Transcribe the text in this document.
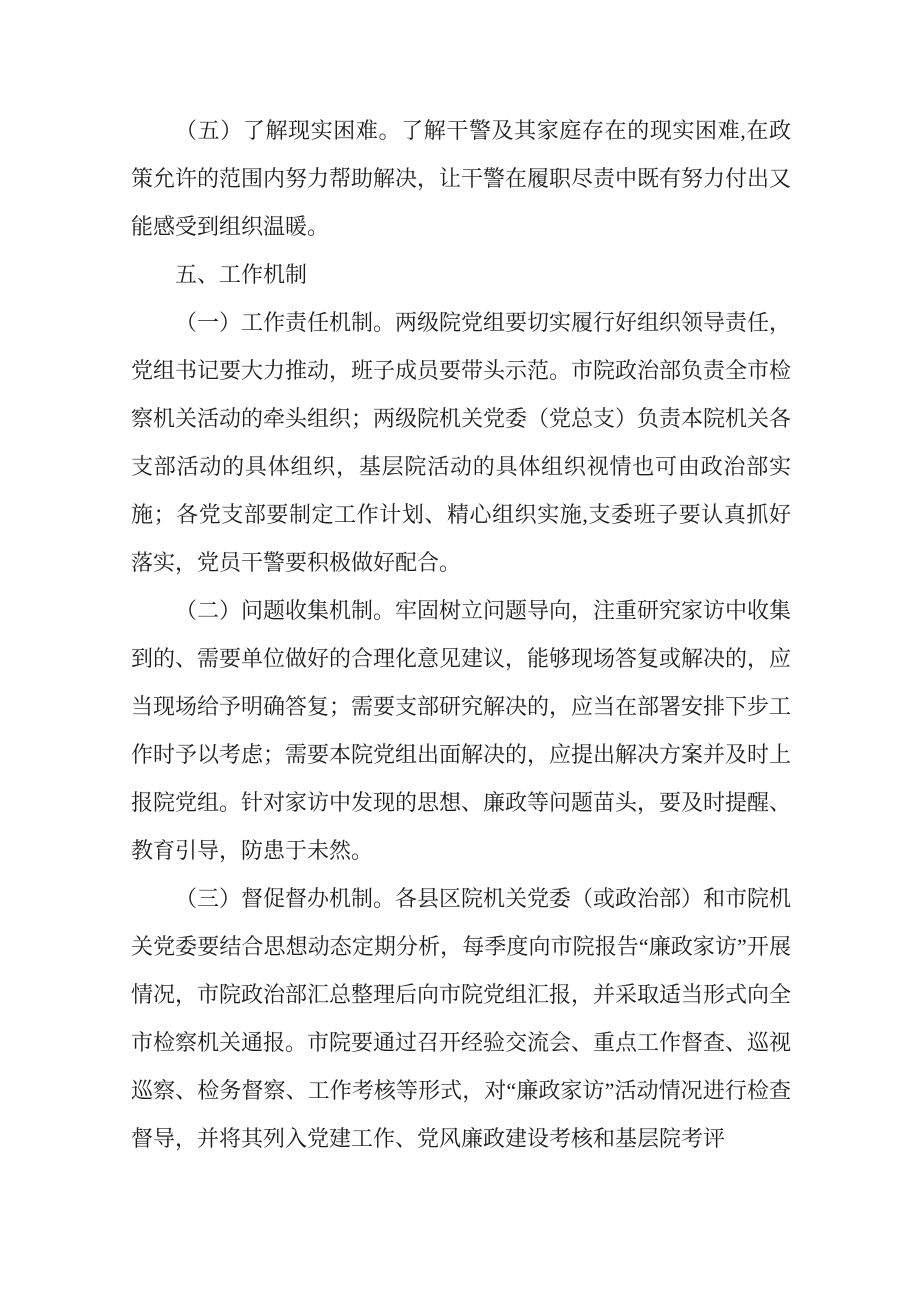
（五）了解现实困难。了解干警及其家庭存在的现实困难,在政策允许的范围内努力帮助解决，让干警在履职尽责中既有努力付出又能感受到组织温暖。

五、工作机制

（一）工作责任机制。两级院党组要切实履行好组织领导责任，党组书记要大力推动，班子成员要带头示范。市院政治部负责全市检察机关活动的牵头组织；两级院机关党委（党总支）负责本院机关各支部活动的具体组织，基层院活动的具体组织视情也可由政治部实施；各党支部要制定工作计划、精心组织实施,支委班子要认真抓好落实，党员干警要积极做好配合。

（二）问题收集机制。牢固树立问题导向，注重研究家访中收集到的、需要单位做好的合理化意见建议，能够现场答复或解决的，应当现场给予明确答复；需要支部研究解决的，应当在部署安排下步工作时予以考虑；需要本院党组出面解决的，应提出解决方案并及时上报院党组。针对家访中发现的思想、廉政等问题苗头，要及时提醒、教育引导，防患于未然。

（三）督促督办机制。各县区院机关党委（或政治部）和市院机关党委要结合思想动态定期分析，每季度向市院报告“廉政家访”开展情况，市院政治部汇总整理后向市院党组汇报，并采取适当形式向全市检察机关通报。市院要通过召开经验交流会、重点工作督查、巡视巡察、检务督察、工作考核等形式，对“廉政家访”活动情况进行检查督导，并将其列入党建工作、党风廉政建设考核和基层院考评
